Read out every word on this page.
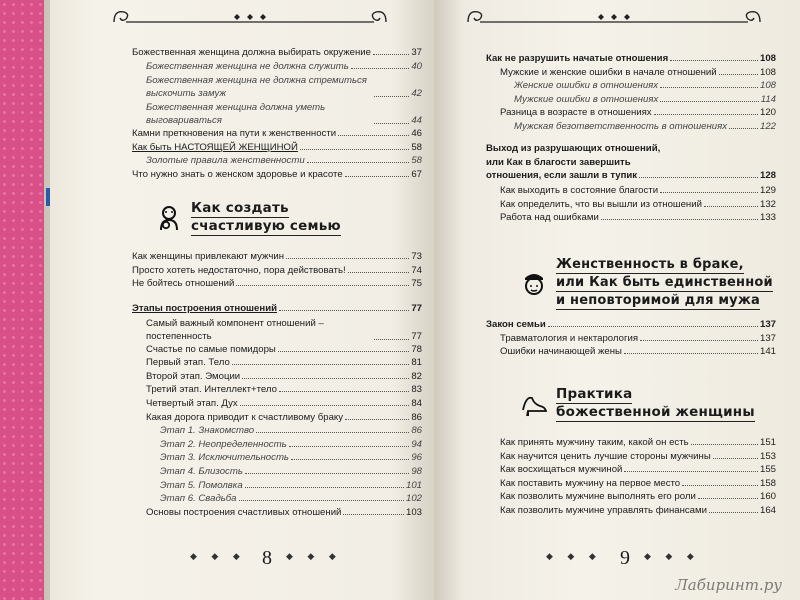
Божественная женщина должна выбирать окружение	37
Божественная женщина не должна служить	40
Божественная женщина не должна стремиться выскочить замуж	42
Божественная женщина должна уметь выговариваться	44
Камни преткновения на пути к женственности	46
Как быть НАСТОЯЩЕЙ ЖЕНЩИНОЙ	58
Золотые правила женственности	58
Что нужно знать о женском здоровье и красоте	67
Как создать
счастливую семью
Как женщины привлекают мужчин	73
Просто хотеть недостаточно, пора действовать!	74
Не бойтесь отношений	75
Этапы построения отношений	77
Самый важный компонент отношений – постепенность	77
Счастье по самые помидоры	78
Первый этап. Тело	81
Второй этап. Эмоции	82
Третий этап. Интеллект+тело	83
Четвертый этап. Дух	84
Какая дорога приводит к счастливому браку	86
Этап 1. Знакомство	86
Этап 2. Неопределенность	94
Этап 3. Исключительность	96
Этап 4. Близость	98
Этап 5. Помолвка	101
Этап 6. Свадьба	102
Основы построения счастливых отношений	103
◆ ◆ ◆ 8 ◆ ◆ ◆
Как не разрушить начатые отношения	108
Мужские и женские ошибки в начале отношений	108
Женские ошибки в отношениях	108
Мужские ошибки в отношениях	114
Разница в возрасте в отношениях	120
Мужская безответственность в отношениях	122
Выход из разрушающих отношений,
или Как в благости завершить
отношения, если зашли в тупик	128
Как выходить в состояние благости	129
Как определить, что вы вышли из отношений	132
Работа над ошибками	133
Женственность в браке,
или Как быть единственной
и неповторимой для мужа
Закон семьи	137
Травматология и нектарология	137
Ошибки начинающей жены	141
Практика
божественной женщины
Как принять мужчину таким, какой он есть	151
Как научится ценить лучшие стороны мужчины	153
Как восхищаться мужчиной	155
Как поставить мужчину на первое место	158
Как позволить мужчине выполнять его роли	160
Как позволить мужчине управлять финансами	164
◆ ◆ ◆ 9 ◆ ◆ ◆
Лабиринт.ру
